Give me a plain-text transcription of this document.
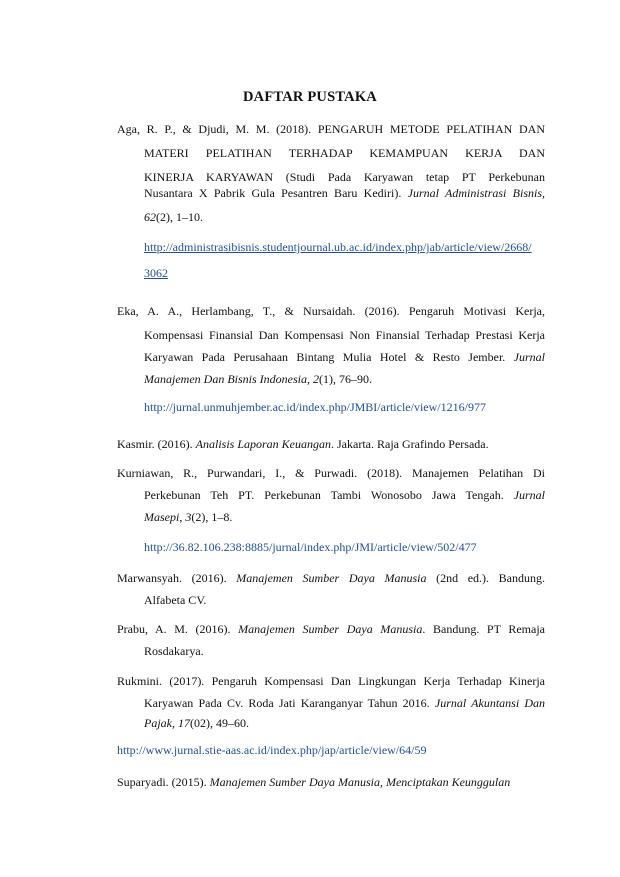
DAFTAR PUSTAKA
Aga, R. P., & Djudi, M. M. (2018). PENGARUH METODE PELATIHAN DAN
MATERI PELATIHAN TERHADAP KEMAMPUAN KERJA DAN
KINERJA KARYAWAN (Studi Pada Karyawan tetap PT Perkebunan
Nusantara X Pabrik Gula Pesantren Baru Kediri). Jurnal Administrasi Bisnis,
62(2), 1–10.
http://administrasibisnis.studentjournal.ub.ac.id/index.php/jab/article/view/2668/
3062
Eka, A. A., Herlambang, T., & Nursaidah. (2016). Pengaruh Motivasi Kerja,
Kompensasi Finansial Dan Kompensasi Non Finansial Terhadap Prestasi Kerja
Karyawan Pada Perusahaan Bintang Mulia Hotel & Resto Jember. Jurnal
Manajemen Dan Bisnis Indonesia, 2(1), 76–90.
http://jurnal.unmuhjember.ac.id/index.php/JMBI/article/view/1216/977
Kasmir. (2016). Analisis Laporan Keuangan. Jakarta. Raja Grafindo Persada.
Kurniawan, R., Purwandari, I., & Purwadi. (2018). Manajemen Pelatihan Di
Perkebunan Teh PT. Perkebunan Tambi Wonosobo Jawa Tengah. Jurnal
Masepi, 3(2), 1–8.
http://36.82.106.238:8885/jurnal/index.php/JMI/article/view/502/477
Marwansyah. (2016). Manajemen Sumber Daya Manusia (2nd ed.). Bandung.
Alfabeta CV.
Prabu, A. M. (2016). Manajemen Sumber Daya Manusia. Bandung. PT Remaja
Rosdakarya.
Rukmini. (2017). Pengaruh Kompensasi Dan Lingkungan Kerja Terhadap Kinerja
Karyawan Pada Cv. Roda Jati Karanganyar Tahun 2016. Jurnal Akuntansi Dan
Pajak, 17(02), 49–60.
http://www.jurnal.stie-aas.ac.id/index.php/jap/article/view/64/59
Suparyadi. (2015). Manajemen Sumber Daya Manusia, Menciptakan Keunggulan
